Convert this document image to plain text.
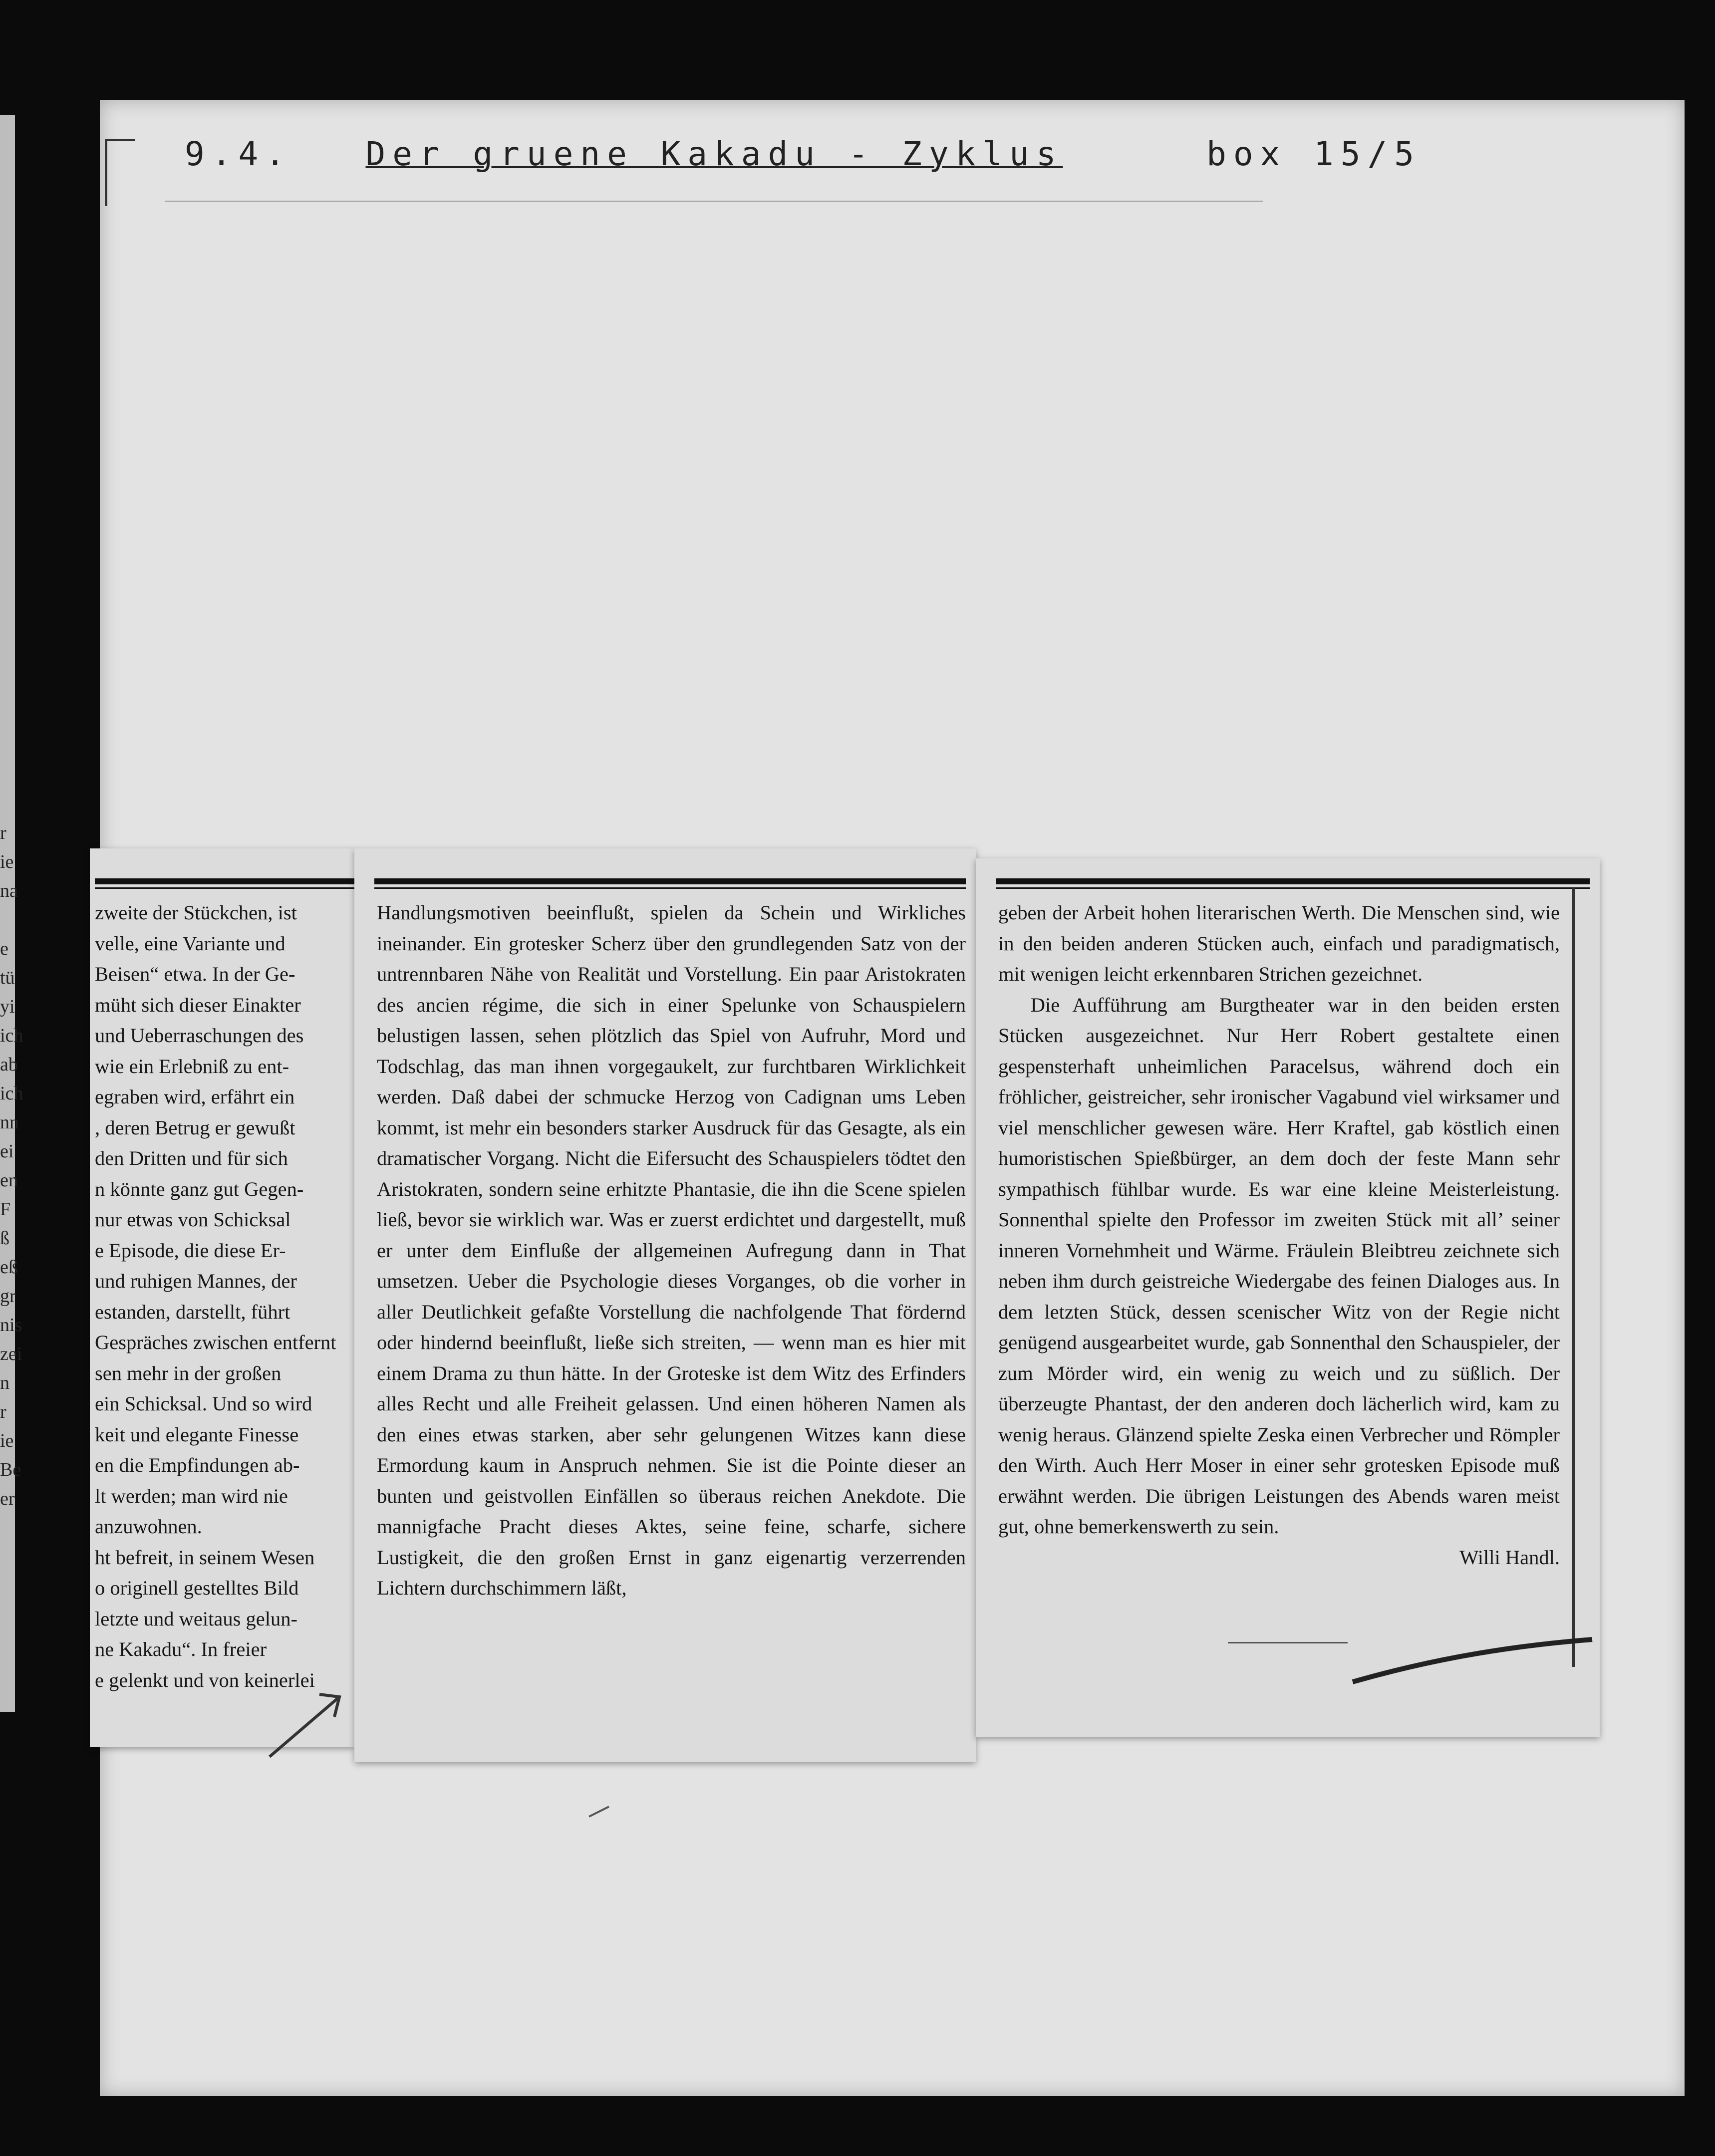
r
ie
na

e
tü
yi
ich
ab
ich
nn
ei
en
F
ß
eß
gr
nis
zei
n
r
ie
Be
er
9.4. Der gruene Kakadu - Zyklus	box 15/5
zweite der Stückchen, ist
velle, eine Variante und
Beisen“ etwa. In der Ge-
müht sich dieser Einakter
und Ueberraschungen des
wie ein Erlebniß zu ent-
egraben wird, erfährt ein
, deren Betrug er gewußt
den Dritten und für sich
n könnte ganz gut Gegen-
nur etwas von Schicksal
e Episode, die diese Er-
und ruhigen Mannes, der
estanden, darstellt, führt
Gespräches zwischen entfernt
sen mehr in der großen
ein Schicksal. Und so wird
keit und elegante Finesse
en die Empfindungen ab-
lt werden; man wird nie
anzuwohnen.
ht befreit, in seinem Wesen
o originell gestelltes Bild
letzte und weitaus gelun-
ne Kakadu“. In freier
e gelenkt und von keinerlei
Handlungsmotiven beeinflußt, spielen da Schein und Wirkliches ineinander. Ein grotesker Scherz über den grundlegenden Satz von der untrennbaren Nähe von Realität und Vorstellung. Ein paar Aristokraten des ancien régime, die sich in einer Spelunke von Schauspielern belustigen lassen, sehen plötzlich das Spiel von Aufruhr, Mord und Todschlag, das man ihnen vorgegaukelt, zur furchtbaren Wirklichkeit werden. Daß dabei der schmucke Herzog von Cadignan ums Leben kommt, ist mehr ein besonders starker Ausdruck für das Gesagte, als ein dramatischer Vorgang. Nicht die Eifersucht des Schauspielers tödtet den Aristokraten, sondern seine erhitzte Phantasie, die ihn die Scene spielen ließ, bevor sie wirklich war. Was er zuerst erdichtet und dargestellt, muß er unter dem Einfluße der allgemeinen Aufregung dann in That umsetzen. Ueber die Psychologie dieses Vorganges, ob die vorher in aller Deutlichkeit gefaßte Vorstellung die nachfolgende That fördernd oder hindernd beeinflußt, ließe sich streiten, — wenn man es hier mit einem Drama zu thun hätte. In der Groteske ist dem Witz des Erfinders alles Recht und alle Freiheit gelassen. Und einen höheren Namen als den eines etwas starken, aber sehr gelungenen Witzes kann diese Ermordung kaum in Anspruch nehmen. Sie ist die Pointe dieser an bunten und geistvollen Einfällen so überaus reichen Anekdote. Die mannigfache Pracht dieses Aktes, seine feine, scharfe, sichere Lustigkeit, die den großen Ernst in ganz eigenartig verzerrenden Lichtern durchschimmern läßt,

geben der Arbeit hohen literarischen Werth. Die Menschen sind, wie in den beiden anderen Stücken auch, einfach und paradigmatisch, mit wenigen leicht erkennbaren Strichen gezeichnet.

Die Aufführung am Burgtheater war in den beiden ersten Stücken ausgezeichnet. Nur Herr Robert gestaltete einen gespensterhaft unheimlichen Paracelsus, während doch ein fröhlicher, geistreicher, sehr ironischer Vagabund viel wirksamer und viel menschlicher gewesen wäre. Herr Kraftel, gab köstlich einen humoristischen Spießbürger, an dem doch der feste Mann sehr sympathisch fühlbar wurde. Es war eine kleine Meisterleistung. Sonnenthal spielte den Professor im zweiten Stück mit all’ seiner inneren Vornehmheit und Wärme. Fräulein Bleibtreu zeichnete sich neben ihm durch geistreiche Wiedergabe des feinen Dialoges aus. In dem letzten Stück, dessen scenischer Witz von der Regie nicht genügend ausgearbeitet wurde, gab Sonnenthal den Schauspieler, der zum Mörder wird, ein wenig zu weich und zu süßlich. Der überzeugte Phantast, der den anderen doch lächerlich wird, kam zu wenig heraus. Glänzend spielte Zeska einen Verbrecher und Römpler den Wirth. Auch Herr Moser in einer sehr grotesken Episode muß erwähnt werden. Die übrigen Leistungen des Abends waren meist gut, ohne bemerkenswerth zu sein.

Willi Handl.
